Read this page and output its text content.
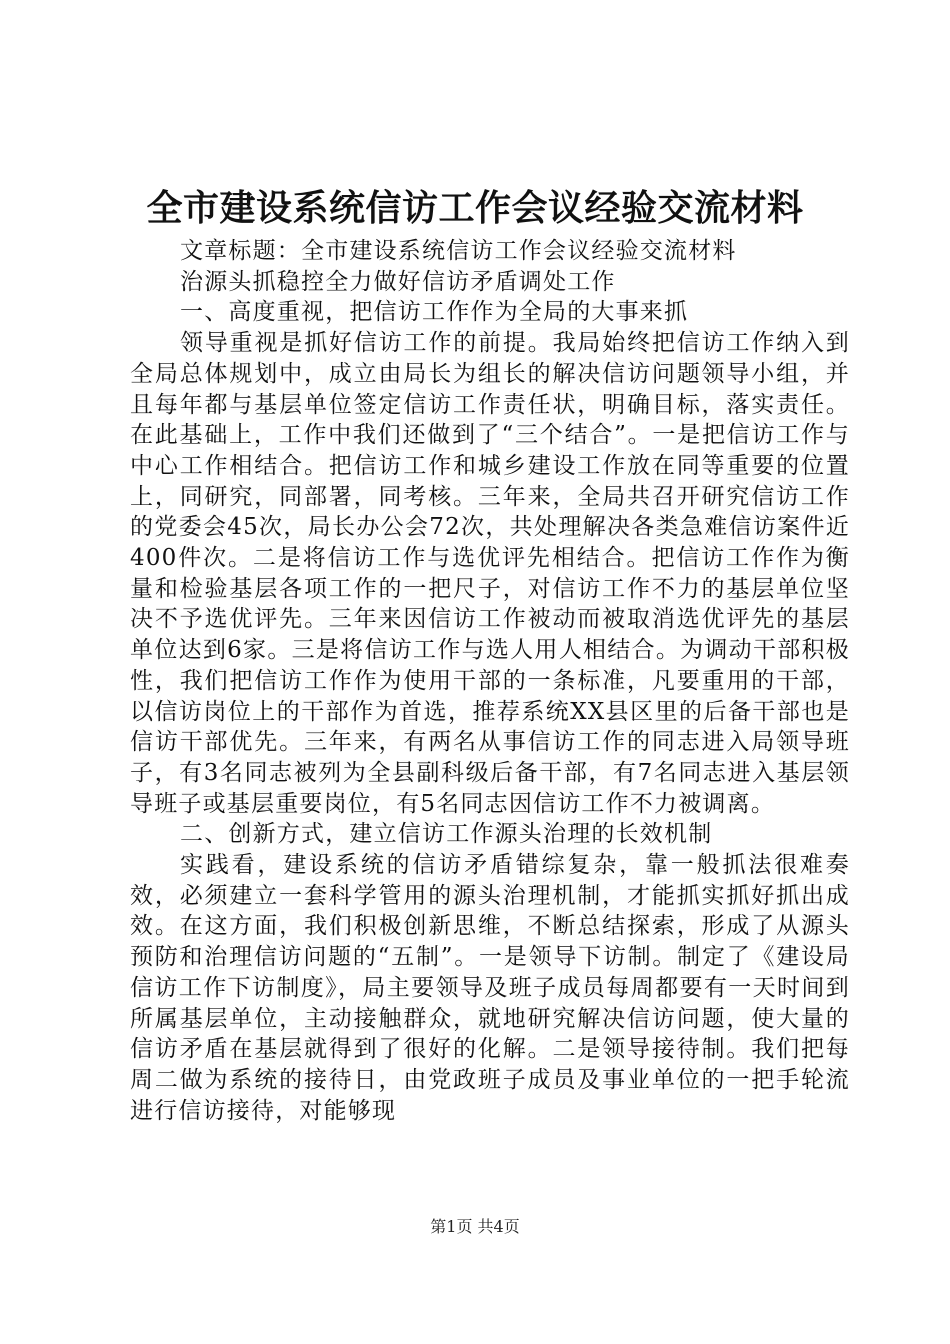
全市建设系统信访工作会议经验交流材料

文章标题：全市建设系统信访工作会议经验交流材料

治源头抓稳控全力做好信访矛盾调处工作

一、高度重视，把信访工作作为全局的大事来抓

领导重视是抓好信访工作的前提。我局始终把信访工作纳入到全局总体规划中，成立由局长为组长的解决信访问题领导小组，并且每年都与基层单位签定信访工作责任状，明确目标，落实责任。在此基础上，工作中我们还做到了“三个结合”。一是把信访工作与中心工作相结合。把信访工作和城乡建设工作放在同等重要的位置上，同研究，同部署，同考核。三年来，全局共召开研究信访工作的党委会45次，局长办公会72次，共处理解决各类急难信访案件近400件次。二是将信访工作与选优评先相结合。把信访工作作为衡量和检验基层各项工作的一把尺子，对信访工作不力的基层单位坚决不予选优评先。三年来因信访工作被动而被取消选优评先的基层单位达到6家。三是将信访工作与选人用人相结合。为调动干部积极性，我们把信访工作作为使用干部的一条标准，凡要重用的干部，以信访岗位上的干部作为首选，推荐系统XX县区里的后备干部也是信访干部优先。三年来，有两名从事信访工作的同志进入局领导班子，有3名同志被列为全县副科级后备干部，有7名同志进入基层领导班子或基层重要岗位，有5名同志因信访工作不力被调离。

二、创新方式，建立信访工作源头治理的长效机制

实践看，建设系统的信访矛盾错综复杂，靠一般抓法很难奏效，必须建立一套科学管用的源头治理机制，才能抓实抓好抓出成效。在这方面，我们积极创新思维，不断总结探索，形成了从源头预防和治理信访问题的“五制”。一是领导下访制。制定了《建设局信访工作下访制度》，局主要领导及班子成员每周都要有一天时间到所属基层单位，主动接触群众，就地研究解决信访问题，使大量的信访矛盾在基层就得到了很好的化解。二是领导接待制。我们把每周二做为系统的接待日，由党政班子成员及事业单位的一把手轮流进行信访接待，对能够现

第1页 共4页
